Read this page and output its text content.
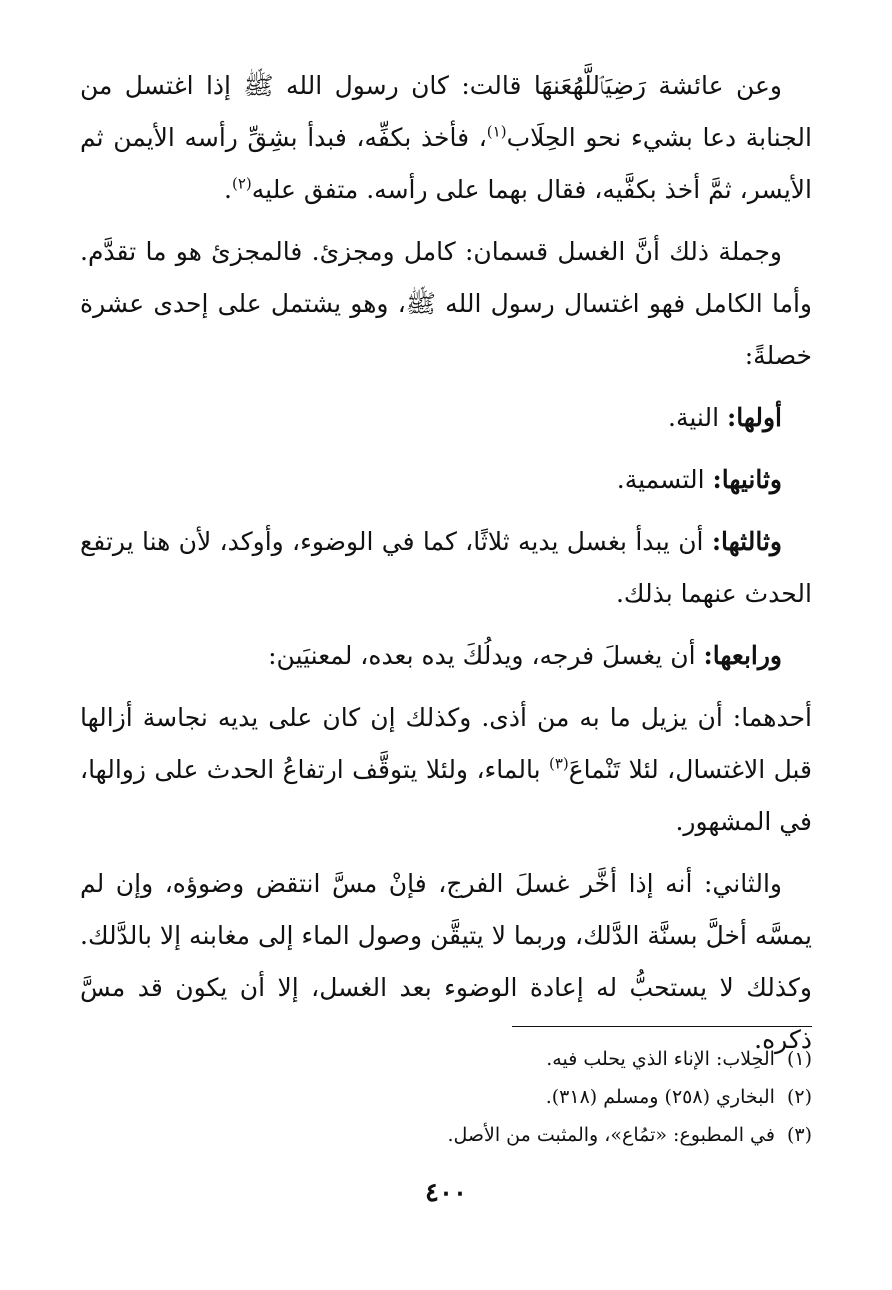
وعن عائشة رَضِيَٱللَّهُعَنهَا قالت: كان رسول الله ﷺ إذا اغتسل من الجنابة دعا بشيء نحو الحِلَاب$^{(١)}$، فأخذ بكفِّه، فبدأ بشِقِّ رأسه الأيمن ثم الأيسر، ثمَّ أخذ بكفَّيه، فقال بهما على رأسه. متفق عليه$^{(٢)}$.

وجملة ذلك أنَّ الغسل قسمان: كامل ومجزئ. فالمجزئ هو ما تقدَّم. وأما الكامل فهو اغتسال رسول الله ﷺ، وهو يشتمل على إحدى عشرة خصلةً:

أولها: النية.

وثانيها: التسمية.

وثالثها: أن يبدأ بغسل يديه ثلاثًا، كما في الوضوء، وأوكد، لأن هنا يرتفع الحدث عنهما بذلك.

ورابعها: أن يغسلَ فرجه، ويدلُكَ يده بعده، لمعنيَين:

أحدهما: أن يزيل ما به من أذى. وكذلك إن كان على يديه نجاسة أزالها قبل الاغتسال، لئلا تَنْماعَ$^{(٣)}$ بالماء، ولئلا يتوقَّف ارتفاعُ الحدث على زوالها، في المشهور.

والثاني: أنه إذا أخَّر غسلَ الفرج، فإنْ مسَّ انتقض وضوؤه، وإن لم يمسَّه أخلَّ بسنَّة الدَّلك، وربما لا يتيقَّن وصول الماء إلى مغابنه إلا بالدَّلك. وكذلك لا يستحبُّ له إعادة الوضوء بعد الغسل، إلا أن يكون قد مسَّ ذكره.

(١)الحِلاب: الإناء الذي يحلب فيه.

(٢)البخاري (٢٥٨) ومسلم (٣١٨).

(٣)في المطبوع: «تمُاع»، والمثبت من الأصل.

٤٠٠
